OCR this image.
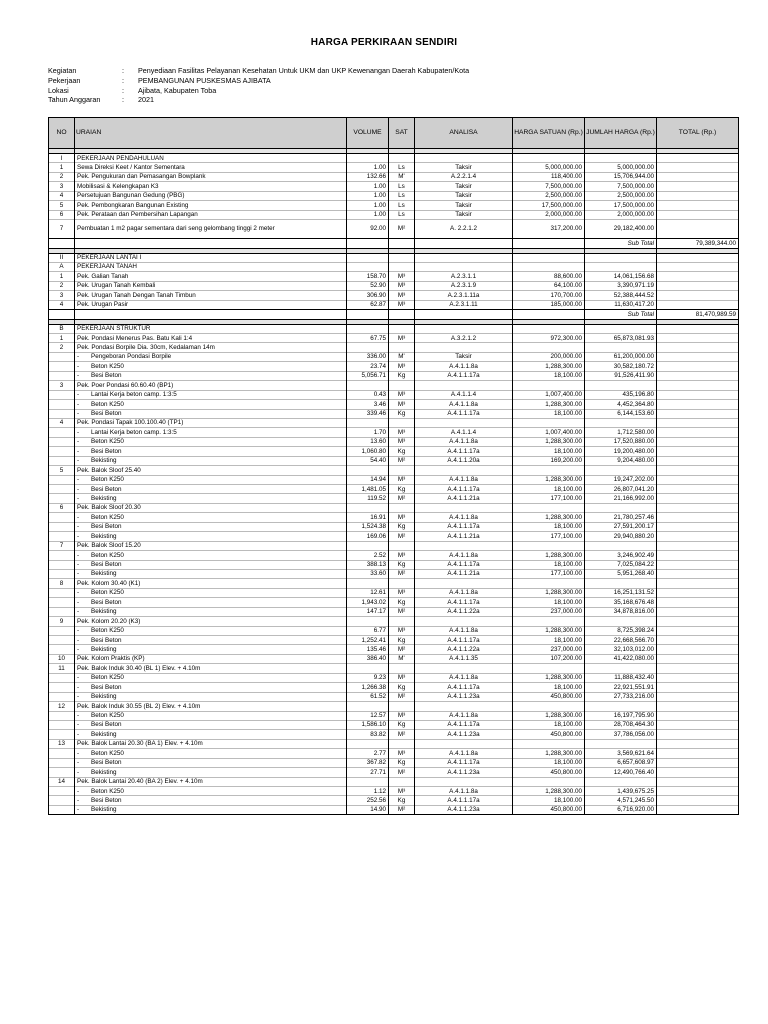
HARGA PERKIRAAN SENDIRI
Kegiatan	:	Penyediaan Fasilitas Pelayanan Kesehatan Untuk UKM dan UKP Kewenangan Daerah Kabupaten/Kota
Pekerjaan	:	PEMBANGUNAN PUSKESMAS AJIBATA
Lokasi	:	Ajibata, Kabupaten Toba
Tahun Anggaran	:	2021
NO	URAIAN	VOLUME	SAT	ANALISA	HARGA SATUAN (Rp.)	JUMLAH HARGA (Rp.)	TOTAL (Rp.)

I	PEKERJAAN PENDAHULUAN						
1	Sewa Direksi Keet / Kantor Sementara	1.00	Ls	Taksir	5,000,000.00	5,000,000.00	
2	Pek. Pengukuran dan Pemasangan Bowplank	132.66	M'	A.2.2.1.4	118,400.00	15,706,944.00	
3	Mobilisasi & Kelengkapan K3	1.00	Ls	Taksir	7,500,000.00	7,500,000.00	
4	Persetujuan Bangunan Gedung (PBG)	1.00	Ls	Taksir	2,500,000.00	2,500,000.00	
5	Pek. Pembongkaran Bangunan Existing	1.00	Ls	Taksir	17,500,000.00	17,500,000.00	
6	Pek. Perataan dan Pembersihan Lapangan	1.00	Ls	Taksir	2,000,000.00	2,000,000.00	
7	Pembuatan 1 m2 pagar sementara dari seng gelombang tinggi 2 meter	92.00	M²	A. 2.2.1.2	317,200.00	29,182,400.00	
						Sub Total	79,389,344.00

II	PEKERJAAN LANTAI I						
A	PEKERJAAN TANAH						
1	Pek. Galian Tanah	158.70	M³	A.2.3.1.1	88,600.00	14,061,156.68	
2	Pek. Urugan Tanah Kembali	52.90	M³	A.2.3.1.9	64,100.00	3,390,971.19	
3	Pek. Urugan Tanah Dengan Tanah Timbun	306.90	M³	A.2.3.1.11a	170,700.00	52,388,444.52	
4	Pek. Urugan Pasir	62.87	M³	A.2.3.1.11	185,000.00	11,630,417.20	
						Sub Total	81,470,989.59

B	PEKERJAAN STRUKTUR						
1	Pek. Pondasi Menerus Pas. Batu Kali 1:4	67.75	M³	A.3.2.1.2	972,300.00	65,873,081.93	
2	Pek. Pondasi Borpile Dia. 30cm, Kedalaman 14m						
	- Pengeboran Pondasi Borpile	336.00	M'	Taksir	200,000.00	61,200,000.00	
	- Beton K250	23.74	M³	A.4.1.1.8a	1,288,300.00	30,582,180.72	
	- Besi Beton	5,056.71	Kg	A.4.1.1.17a	18,100.00	91,526,411.90	
3	Pek. Poer Pondasi 60.60.40 (BP1)						
	- Lantai Kerja beton camp. 1:3:5	0.43	M³	A.4.1.1.4	1,007,400.00	435,196.80	
	- Beton K250	3.46	M³	A.4.1.1.8a	1,288,300.00	4,452,364.80	
	- Besi Beton	339.46	Kg	A.4.1.1.17a	18,100.00	6,144,153.60	
4	Pek. Pondasi Tapak 100.100.40 (TP1)						
	- Lantai Kerja beton camp. 1:3:5	1.70	M³	A.4.1.1.4	1,007,400.00	1,712,580.00	
	- Beton K250	13.60	M³	A.4.1.1.8a	1,288,300.00	17,520,880.00	
	- Besi Beton	1,060.80	Kg	A.4.1.1.17a	18,100.00	19,200,480.00	
	- Bekisting	54.40	M²	A.4.1.1.20a	169,200.00	9,204,480.00	
5	Pek. Balok Sloof 25.40						
	- Beton K250	14.94	M³	A.4.1.1.8a	1,288,300.00	19,247,202.00	
	- Besi Beton	1,481.05	Kg	A.4.1.1.17a	18,100.00	26,807,041.20	
	- Bekisting	119.52	M²	A.4.1.1.21a	177,100.00	21,166,992.00	
6	Pek. Balok Sloof 20.30						
	- Beton K250	16.91	M³	A.4.1.1.8a	1,288,300.00	21,780,257.46	
	- Besi Beton	1,524.38	Kg	A.4.1.1.17a	18,100.00	27,591,200.17	
	- Bekisting	169.06	M²	A.4.1.1.21a	177,100.00	29,940,880.20	
7	Pek. Balok Sloof 15.20						
	- Beton K250	2.52	M³	A.4.1.1.8a	1,288,300.00	3,246,902.49	
	- Besi Beton	388.13	Kg	A.4.1.1.17a	18,100.00	7,025,084.22	
	- Bekisting	33.60	M²	A.4.1.1.21a	177,100.00	5,951,268.40	
8	Pek. Kolom 30.40 (K1)						
	- Beton K250	12.61	M³	A.4.1.1.8a	1,288,300.00	16,251,131.52	
	- Besi Beton	1,943.02	Kg	A.4.1.1.17a	18,100.00	35,168,676.48	
	- Bekisting	147.17	M²	A.4.1.1.22a	237,000.00	34,878,816.00	
9	Pek. Kolom 20.20 (K3)						
	- Beton K250	6.77	M³	A.4.1.1.8a	1,288,300.00	8,725,398.24	
	- Besi Beton	1,252.41	Kg	A.4.1.1.17a	18,100.00	22,668,566.70	
	- Bekisting	135.46	M²	A.4.1.1.22a	237,000.00	32,103,012.00	
10	Pek. Kolom Praktis (KP)	386.40	M'	A.4.1.1.35	107,200.00	41,422,080.00	
11	Pek. Balok Induk 30.40 (BL 1) Elev. + 4.10m						
	- Beton K250	9.23	M³	A.4.1.1.8a	1,288,300.00	11,888,432.40	
	- Besi Beton	1,266.38	Kg	A.4.1.1.17a	18,100.00	22,921,551.91	
	- Bekisting	61.52	M²	A.4.1.1.23a	450,800.00	27,733,216.00	
12	Pek. Balok Induk 30.55 (BL 2) Elev. + 4.10m						
	- Beton K250	12.57	M³	A.4.1.1.8a	1,288,300.00	16,197,795.90	
	- Besi Beton	1,586.10	Kg	A.4.1.1.17a	18,100.00	28,708,464.30	
	- Bekisting	83.82	M²	A.4.1.1.23a	450,800.00	37,786,056.00	
13	Pek. Balok Lantai 20.30 (BA 1) Elev. + 4.10m						
	- Beton K250	2.77	M³	A.4.1.1.8a	1,288,300.00	3,569,621.64	
	- Besi Beton	367.82	Kg	A.4.1.1.17a	18,100.00	6,657,608.97	
	- Bekisting	27.71	M²	A.4.1.1.23a	450,800.00	12,490,766.40	
14	Pek. Balok Lantai 20.40 (BA 2) Elev. + 4.10m						
	- Beton K250	1.12	M³	A.4.1.1.8a	1,288,300.00	1,439,675.25	
	- Besi Beton	252.56	Kg	A.4.1.1.17a	18,100.00	4,571,245.50	
	- Bekisting	14.90	M²	A.4.1.1.23a	450,800.00	6,716,920.00	
